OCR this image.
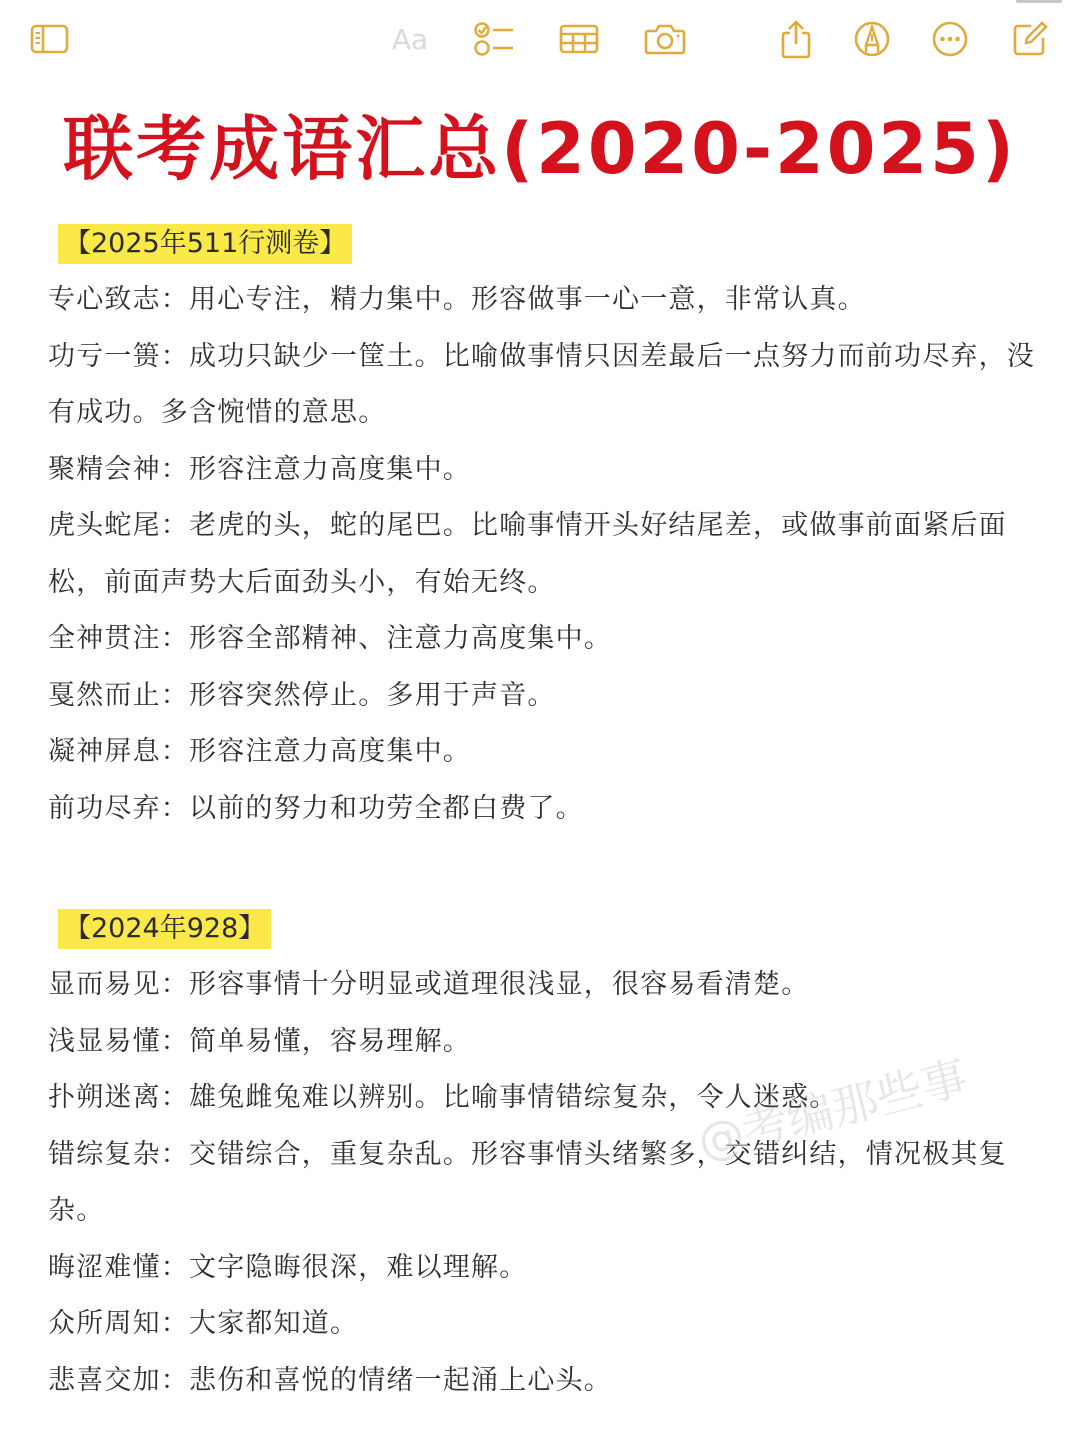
Aa
联考成语汇总(2020-2025)
【2025年511行测卷】
专心致志：用心专注，精力集中。形容做事一心一意，非常认真。
功亏一篑：成功只缺少一筐土。比喻做事情只因差最后一点努力而前功尽弃，没有成功。多含惋惜的意思。
聚精会神：形容注意力高度集中。
虎头蛇尾：老虎的头，蛇的尾巴。比喻事情开头好结尾差，或做事前面紧后面松，前面声势大后面劲头小，有始无终。
全神贯注：形容全部精神、注意力高度集中。
戛然而止：形容突然停止。多用于声音。
凝神屏息：形容注意力高度集中。
前功尽弃：以前的努力和功劳全都白费了。
【2024年928】
显而易见：形容事情十分明显或道理很浅显，很容易看清楚。
浅显易懂：简单易懂，容易理解。
扑朔迷离：雄兔雌兔难以辨别。比喻事情错综复杂，令人迷惑。
错综复杂：交错综合，重复杂乱。形容事情头绪繁多，交错纠结，情况极其复杂。
晦涩难懂：文字隐晦很深，难以理解。
众所周知：大家都知道。
悲喜交加：悲伤和喜悦的情绪一起涌上心头。
@考编那些事
